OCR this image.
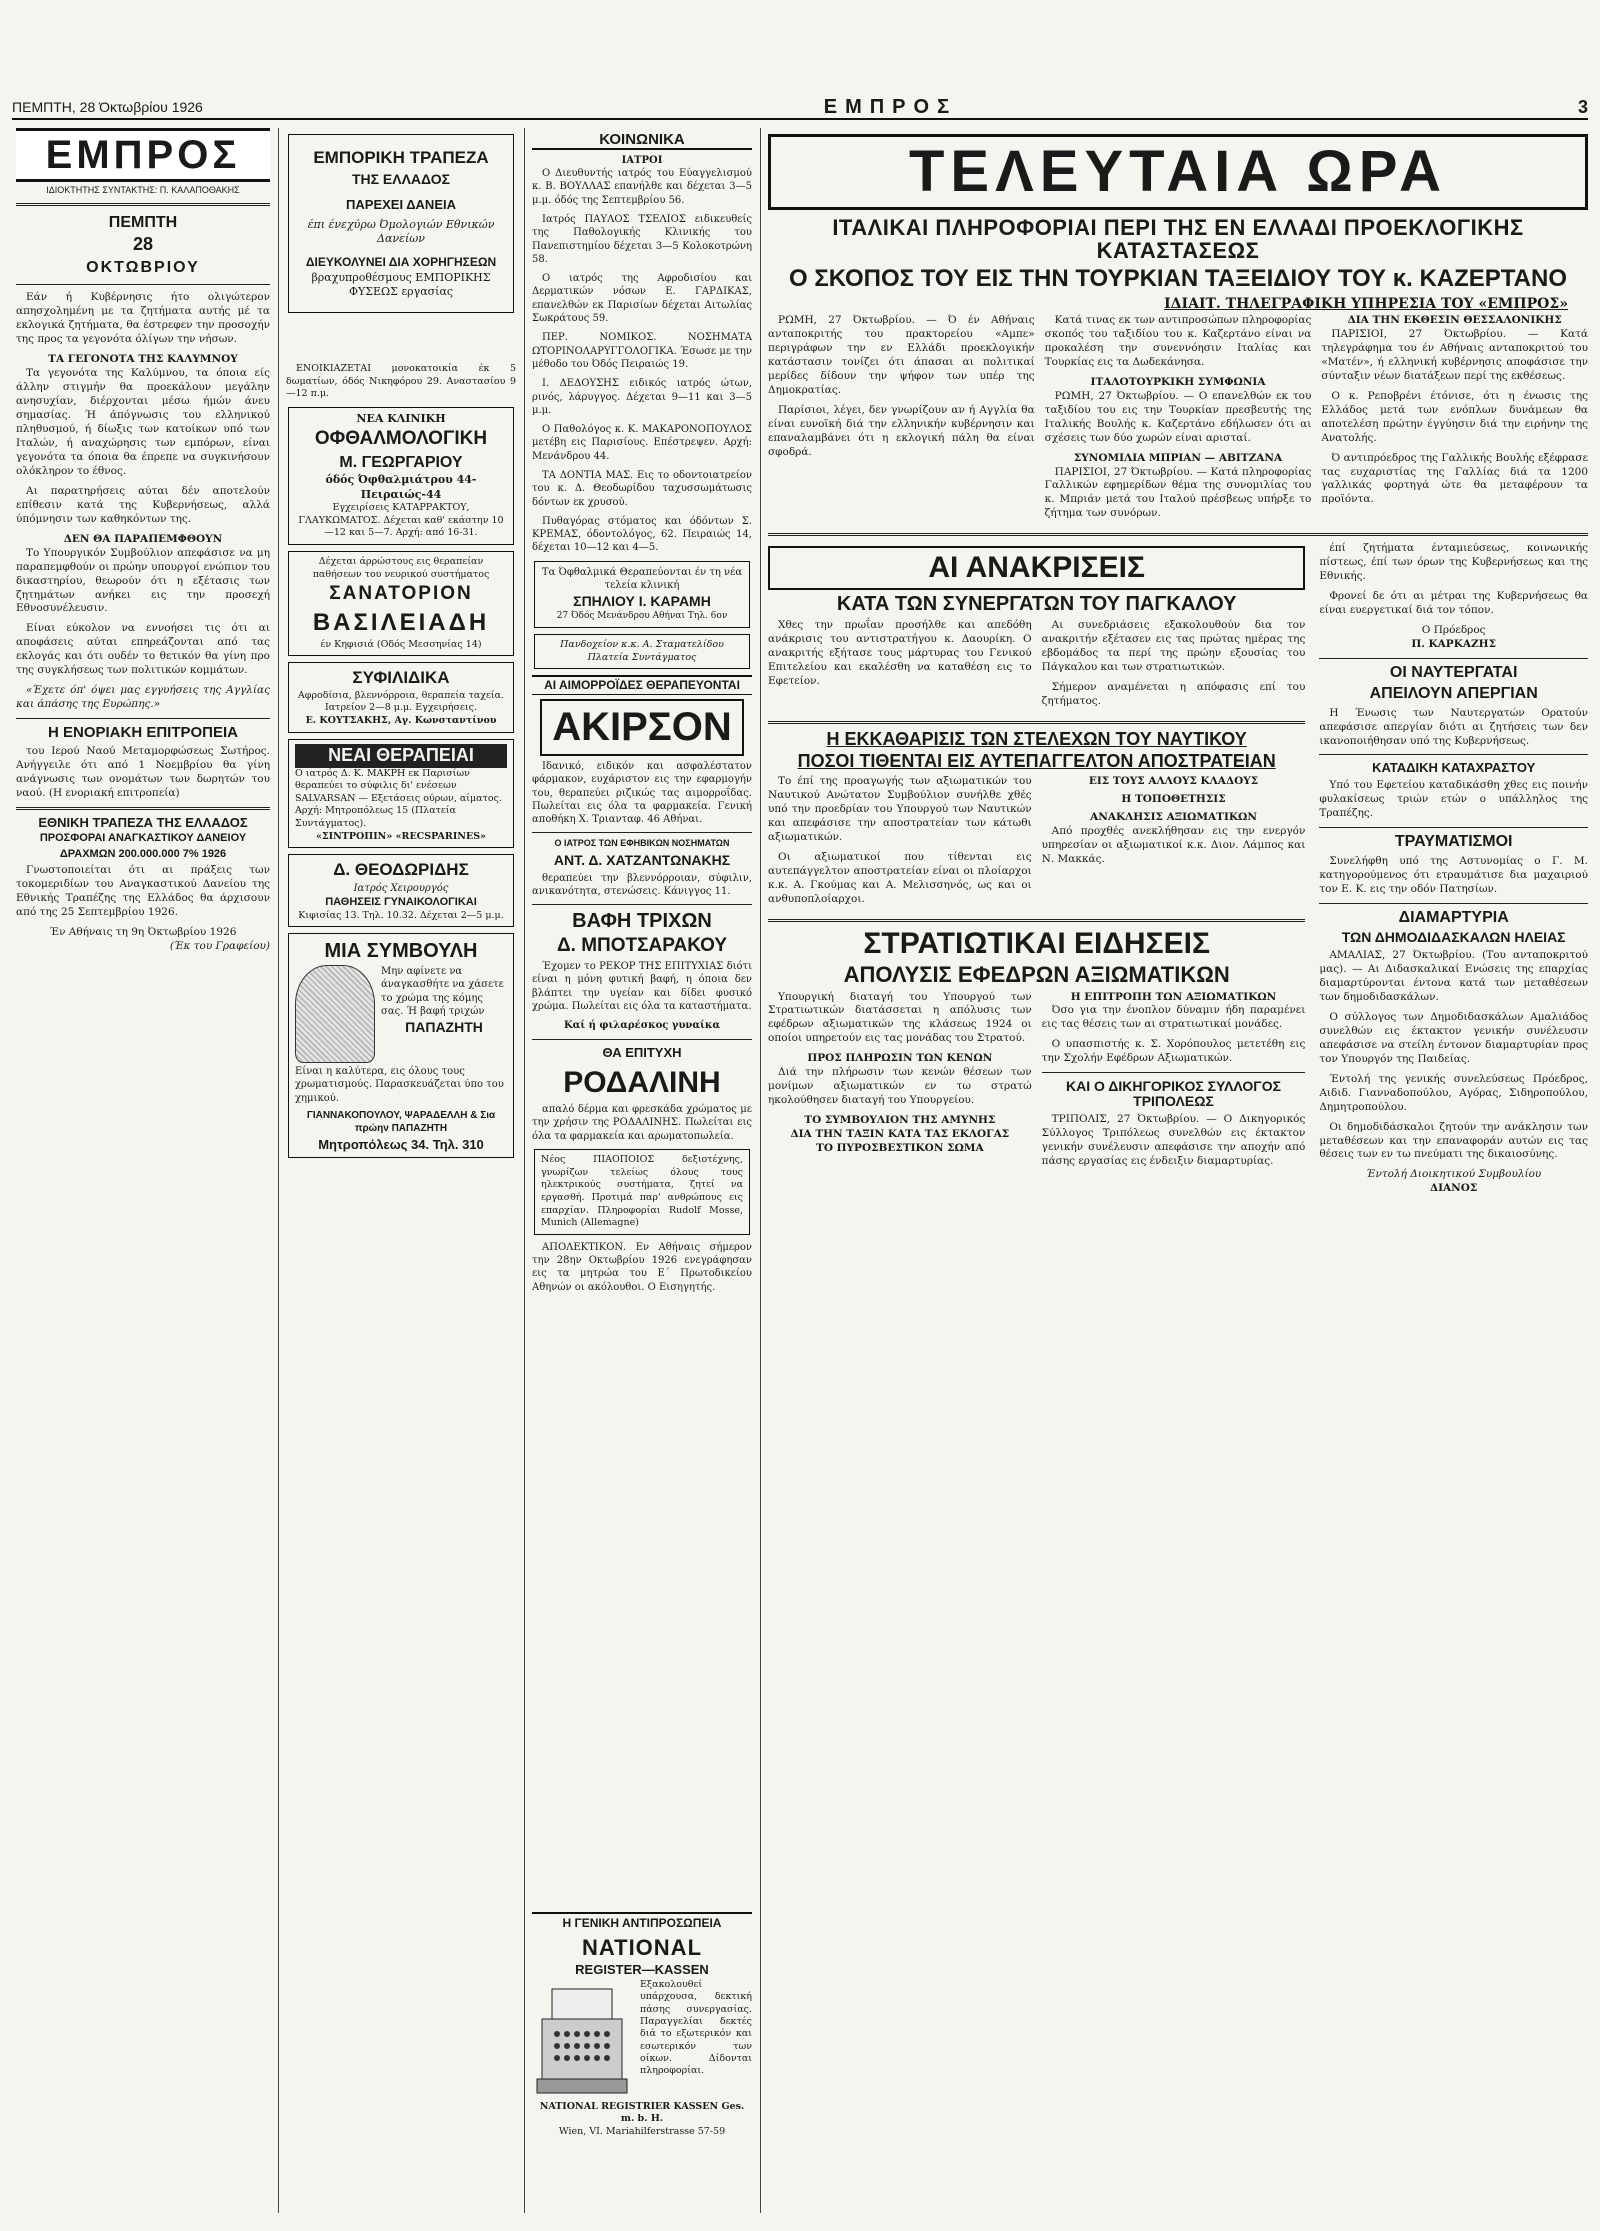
ΠΕΜΠΤΗ, 28 Όκτωβρίου 1926	ΕΜΠΡΟΣ	3
ΕΜΠΡΟΣ
ΙΔΙΟΚΤΗΤΗΣ ΣΥΝΤΑΚΤΗΣ: Π. ΚΑΛΑΠΟΘΑΚΗΣ
ΠΕΜΠΤΗ
28
ΟΚΤΩΒΡΙΟΥ

Εάν ή Κυβέρνησις ήτο ολιγώτερον απησχολημένη με τα ζητήματα αυτής μέ τα εκλογικά ζητήματα, θα έστρεφεν την προσοχήν της προς τα γεγονότα όλίγων την νήσων.

ΤΑ ΓΕΓΟΝΟΤΑ ΤΗΣ ΚΑΛΥΜΝΟΥ

Τα γεγονότα της Καλύμνου, τα όποια είς άλλην στιγμήν θα προεκάλουν μεγάλην ανησυχίαν, διέρχονται μέσω ήμών άνευ σημασίας. Ή άπόγνωσις του ελληνικού πληθυσμού, ή δίωξις των κατοίκων υπό των Ιταλών, ή αναχώρησις των εμπόρων, είναι γεγονότα τα όποια θα έπρεπε να συγκινήσουν ολόκληρον το έθνος.

Αι παρατηρήσεις αύται δέν αποτελούν επίθεσιν κατά της Κυβερνήσεως, αλλά ύπόμνησιν των καθηκόντων της.

ΔΕΝ ΘΑ ΠΑΡΑΠΕΜΦΘΟΥΝ

Το Υπουργικόν Συμβούλιον απεφάσισε να μη παραπεμφθούν οι πρώην υπουργοί ενώπιον του δικαστηρίου, θεωρούν ότι η εξέτασις των ζητημάτων ανήκει εις την προσεχή Εθνοσυνέλευσιν.

Είναι εύκολον να εννοήσει τις ότι αι αποφάσεις αύται επηρεάζονται από τας εκλογάς και ότι ουδέν το θετικόν θα γίνη προ της συγκλήσεως των πολιτικών κομμάτων.

«Έχετε όπ' όψει μας εγγυήσεις της Αγγλίας και άπάσης της Ευρώπης.»

Η ΕΝΟΡΙΑΚΗ ΕΠΙΤΡΟΠΕΙΑ

του Ιερού Ναού Μεταμορφώσεως Σωτήρος. Ανήγγειλε ότι από 1 Νοεμβρίου θα γίνη ανάγνωσις των ονομάτων των δωρητών του ναού. (Η ενοριακή επιτροπεία)

ΕΘΝΙΚΗ ΤΡΑΠΕΖΑ ΤΗΣ ΕΛΛΑΔΟΣ
ΠΡΟΣΦΟΡΑΙ ΑΝΑΓΚΑΣΤΙΚΟΥ ΔΑΝΕΙΟΥ
ΔΡΑΧΜΩΝ 200.000.000 7% 1926

Γνωστοποιείται ότι αι πράξεις των τοκομεριδίων του Αναγκαστικού Δανείου της Εθνικής Τραπέζης της Ελλάδος θα άρχισουν από της 25 Σεπτεμβρίου 1926.

Έν Αθήναις τη 9η Όκτωβρίου 1926
(Έκ του Γραφείου)
ΕΜΠΟΡΙΚΗ ΤΡΑΠΕΖΑ
ΤΗΣ ΕΛΛΑΔΟΣ
ΠΑΡΕΧΕΙ ΔΑΝΕΙΑ
έπι ένεχύρω Όμολογιών Εθνικών Δανείων
ΔΙΕΥΚΟΛΥΝΕΙ ΔΙΑ ΧΟΡΗΓΗΣΕΩΝ
βραχυπροθέσμους ΕΜΠΟΡΙΚΗΣ ΦΥΣΕΩΣ εργασίας

ΕΝΟΙΚΙΑΖΕΤΑΙ μονοκατοικία έκ 5 δωματίων, όδός Νικηφόρου 29. Αναστασίου 9—12 π.μ.

ΝΕΑ ΚΛΙΝΙΚΗ
ΟΦΘΑΛΜΟΛΟΓΙΚΗ
Μ. ΓΕΩΡΓΑΡΙΟΥ
όδός Όφθαλμιάτρου 44-Πειραιώς-44
Εγχειρίσεις ΚΑΤΑΡΡΑΚΤΟΥ, ΓΛΑΥΚΩΜΑΤΟΣ. Δέχεται καθ' εκάστην 10—12 και 5—7. Αρχή: από 16-31.
Δέχεται άρρώστους εις θεραπείαν παθήσεων του νευρικού συστήματος
ΣΑΝΑΤΟΡΙΟΝ
ΒΑΣΙΛΕΙΑΔΗ
έν Κηφισιά (Οδός Μεσσηνίας 14)
ΣΥΦΙΛΙΔΙΚΑ
Αφροδίσια, βλεννόρροια, θεραπεία ταχεία. Ιατρείον 2—8 μ.μ. Εγχειρήσεις.
Ε. ΚΟΥΤΣΑΚΗΣ, Αγ. Κωνσταντίνου
ΝΕΑΙ ΘΕΡΑΠΕΙΑΙ
Ο ιατρός Δ. Κ. ΜΑΚΡΗ εκ Παρισίων θεραπεύει το σύφιλις δι' ενέσεων SALVARSAN — Εξετάσεις ούρων, αίματος. Αρχή: Μητροπόλεως 15 (Πλατεία Συντάγματος).
«ΣΙΝΤΡΟΠΙΝ» «RECSPARINES»
Δ. ΘΕΟΔΩΡΙΔΗΣ
Ιατρός Χειρουργός
ΠΑΘΗΣΕΙΣ ΓΥΝΑΙΚΟΛΟΓΙΚΑΙ
Κιφισίας 13. Τηλ. 10.32. Δέχεται 2—5 μ.μ.
ΜΙΑ ΣΥΜΒΟΥΛΗ
Μην αφίνετε να άναγκασθήτε να χάσετε το χρώμα της κόμης σας. Ή βαφή τριχών
ΠΑΠΑΖΗΤΗ
Είναι η καλύτερα, εις όλους τους χρωματισμούς. Παρασκευάζεται ύπο του χημικού.
ΓΙΑΝΝΑΚΟΠΟΥΛΟΥ, ΨΑΡΑΔΕΛΛΗ & Σια πρώην ΠΑΠΑΖΗΤΗ
Μητροπόλεως 34. Τηλ. 310
ΚΟΙΝΩΝΙΚΑ
ΙΑΤΡΟΙ

Ο Διευθυντής ιατρός του Εύαγγελισμού κ. Β. ΒΟΥΛΛΑΣ επανήλθε και δέχεται 3—5 μ.μ. όδός της Σεπτεμβρίου 56.

Ιατρός ΠΑΥΛΟΣ ΤΣΕΛΙΟΣ ειδικευθείς της Παθολογικής Κλινικής του Πανεπιστημίου δέχεται 3—5 Κολοκοτρώνη 58.

Ο ιατρός της Αφροδισίου και Δερματικών νόσων Ε. ΓΑΡΔΙΚΑΣ, επανελθών εκ Παρισίων δέχεται Αιτωλίας Σωκράτους 59.

ΠΕΡ. ΝΟΜΙΚΟΣ. ΝΟΣΗΜΑΤΑ ΩΤΟΡΙΝΟΛΑΡΥΓΓΟΛΟΓΙΚΑ. Έσωσε με την μέθοδο του Όδός Πειραιώς 19.

Ι. ΔΕΔΟΥΣΗΣ ειδικός ιατρός ώτων, ρινός, λάρυγγος. Δέχεται 9—11 και 3—5 μ.μ.

Ο Παθολόγος κ. Κ. ΜΑΚΑΡΟΝΟΠΟΥΛΟΣ μετέβη εις Παρισίους. Επέστρεψεν. Αρχή: Μενάνδρου 44.

ΤΑ ΔΟΝΤΙΑ ΜΑΣ. Εις το οδοντοιατρείον του κ. Δ. Θεοδωρίδου ταχυσσωμάτωσις δόντων εκ χρυσού.

Πυθαγόρας στόματος και όδόντων Σ. ΚΡΕΜΑΣ, όδοντολόγος, 62. Πειραιώς 14, δέχεται 10—12 και 4—5.

Τα Όφθαλμικά Θεραπεύονται έν τη νέα τελεία κλινική
ΣΠΗΛΙΟΥ Ι. ΚΑΡΑΜΗ
27 Όδός Μενάνδρου Αθήναι Τηλ. 6ον
Πανδοχείον κ.κ. Α. Σταματελίδου Πλατεία Συντάγματος
ΑΙ ΑΙΜΟΡΡΟΪΔΕΣ ΘΕΡΑΠΕΥΟΝΤΑΙ
ΑΚΙΡΣΟΝ

Ιδανικό, ειδικόν και ασφαλέστατον φάρμακον, ευχάριστον εις την εφαρμογήν του, θεραπεύει ριζικώς τας αιμορροΐδας. Πωλείται εις όλα τα φαρμακεία. Γενική αποθήκη Χ. Τριανταφ. 46 Αθήναι.

Ο ΙΑΤΡΟΣ ΤΩΝ ΕΦΗΒΙΚΩΝ ΝΟΣΗΜΑΤΩΝ
ΑΝΤ. Δ. ΧΑΤΖΑΝΤΩΝΑΚΗΣ

θεραπεύει την βλεννόρροιαν, σύφιλιν, ανικανότητα, στενώσεις. Κάνιγγος 11.

ΒΑΦΗ ΤΡΙΧΩΝ
Δ. ΜΠΟΤΣΑΡΑΚΟΥ

Έχομεν το ΡΕΚΟΡ ΤΗΣ ΕΠΙΤΥΧΙΑΣ διότι είναι η μόνη φυτική βαφή, η όποια δεν βλάπτει την υγείαν και δίδει φυσικό χρώμα. Πωλείται εις όλα τα καταστήματα.

Καί ή φιλαρέσκος γυναίκα
ΘΑ ΕΠΙΤΥΧΗ
ΡΟΔΑΛΙΝΗ

απαλό δέρμα και φρεσκάδα χρώματος με την χρήσιν της ΡΟΔΑΛΙΝΗΣ. Πωλείται εις όλα τα φαρμακεία και αρωματοπωλεία.

Νέος ΠΙΑΟΠΟΙΟΣ δεξιοτέχνης, γνωρίζων τελείως όλους τους ηλεκτρικούς συστήματα, ζητεί να εργασθή. Προτιμά παρ' ανθρώπους εις επαρχίαν. Πληροφορίαι Rudolf Mosse, Munich (Allemagne)

ΑΠΟΛΕΚΤΙΚΟΝ. Εν Αθήναις σήμερον την 28ην Οκτωβρίου 1926 ενεγράφησαν εις τα μητρώα του Ε΄ Πρωτοδικείου Αθηνών οι ακόλουθοι. Ο Εισηγητής.

ΤΕΛΕΥΤΑΙΑ ΩΡΑ
ΙΤΑΛΙΚΑΙ ΠΛΗΡΟΦΟΡΙΑΙ ΠΕΡΙ ΤΗΣ ΕΝ ΕΛΛΑΔΙ ΠΡΟΕΚΛΟΓΙΚΗΣ ΚΑΤΑΣΤΑΣΕΩΣ
Ο ΣΚΟΠΟΣ ΤΟΥ ΕΙΣ ΤΗΝ ΤΟΥΡΚΙΑΝ ΤΑΞΕΙΔΙΟΥ ΤΟΥ κ. ΚΑΖΕΡΤΑΝΟ
ΙΔΙΑΙΤ. ΤΗΛΕΓΡΑΦΙΚΗ ΥΠΗΡΕΣΙΑ ΤΟΥ «ΕΜΠΡΟΣ»

ΡΩΜΗ, 27 Όκτωβρίου. — Ό έν Αθήναις ανταποκριτής του πρακτορείου «Αμπε» περιγράφων την εν Ελλάδι προεκλογικήν κατάστασιν τονίζει ότι άπασαι αι πολιτικαί μερίδες δίδουν την ψήφον των υπέρ της Δημοκρατίας.

Παρίσιοι, λέγει, δεν γνωρίζουν αν ή Αγγλία θα είναι ευνοϊκή διά την ελληνικήν κυβέρνησιν και επαναλαμβάνει ότι η εκλογική πάλη θα είναι σφοδρά.

Κατά τινας εκ των αντιπροσώπων πληροφορίας σκοπός του ταξιδίου του κ. Καζερτάνο είναι να προκαλέση την συνεννόησιν Ιταλίας και Τουρκίας εις τα Δωδεκάνησα.

ΙΤΑΛΟΤΟΥΡΚΙΚΗ ΣΥΜΦΩΝΙΑ

ΡΩΜΗ, 27 Όκτωβρίου. — Ο επανελθών εκ του ταξιδίου του εις την Τουρκίαν πρεσβευτής της Ιταλικής Βουλής κ. Καζερτάνο εδήλωσεν ότι αι σχέσεις των δύο χωρών είναι αρισταί.

ΣΥΝΟΜΙΛΙΑ ΜΠΡΙΑΝ — ΑΒΙΤΖΑΝΑ

ΠΑΡΙΣΙΟΙ, 27 Όκτωβρίου. — Κατά πληροφορίας Γαλλικών εφημερίδων θέμα της συνομιλίας του κ. Μπριάν μετά του Ιταλού πρέσβεως υπήρξε το ζήτημα των συνόρων.

ΔΙΑ ΤΗΝ ΕΚΘΕΣΙΝ ΘΕΣΣΑΛΟΝΙΚΗΣ

ΠΑΡΙΣΙΟΙ, 27 Όκτωβρίου. — Κατά τηλεγράφημα του έν Αθήναις ανταποκριτού του «Ματέν», ή ελληνική κυβέρνησις αποφάσισε την σύνταξιν νέων διατάξεων περί της εκθέσεως.

Ο κ. Ρεποβρένι έτόνισε, ότι η ένωσις της Ελλάδος μετά των ενόπλων δυνάμεων θα αποτελέση πρώτην έγγύησιν διά την ειρήνην της Ανατολής.

Ό αντιπρόεδρος της Γαλλικής Βουλής εξέφρασε τας ευχαριστίας της Γαλλίας διά τα 1200 γαλλικάς φορτηγά ώτε θα μεταφέρουν τα προϊόντα.

ΑΙ ΑΝΑΚΡΙΣΕΙΣ
ΚΑΤΑ ΤΩΝ ΣΥΝΕΡΓΑΤΩΝ ΤΟΥ ΠΑΓΚΑΛΟΥ

Χθες την πρωΐαν προσήλθε και απεδόθη ανάκρισις του αντιστρατήγου κ. Δαουρίκη. Ο ανακριτής εξήτασε τους μάρτυρας του Γενικού Επιτελείου και εκαλέσθη να καταθέση εις το Εφετείον.

Αι συνεδριάσεις εξακολουθούν δια τον ανακριτήν εξέτασεν εις τας πρώτας ημέρας της εβδομάδος τα περί της πρώην εξουσίας του Πάγκαλου και των στρατιωτικών.

Σήμερον αναμένεται η απόφασις επί του ζητήματος.

Η ΕΚΚΑΘΑΡΙΣΙΣ ΤΩΝ ΣΤΕΛΕΧΩΝ ΤΟΥ ΝΑΥΤΙΚΟΥ
ΠΟΣΟΙ ΤΙΘΕΝΤΑΙ ΕΙΣ ΑΥΤΕΠΑΓΓΕΛΤΟΝ ΑΠΟΣΤΡΑΤΕΙΑΝ

Το έπί της προαγωγής των αξιωματικών του Ναυτικού Ανώτατον Συμβούλιον συνήλθε χθές υπό την προεδρίαν του Υπουργού των Ναυτικών και απεφάσισε την αποστρατείαν των κάτωθι αξιωματικών.

Οι αξιωματικοί που τίθενται εις αυτεπάγγελτον αποστρατείαν είναι οι πλοίαρχοι κ.κ. Α. Γκούμας και Α. Μελισσηνός, ως και οι ανθυποπλοίαρχοι.

ΕΙΣ ΤΟΥΣ ΑΛΛΟΥΣ ΚΛΑΔΟΥΣ
Η ΤΟΠΟΘΕΤΗΣΙΣ
ΑΝΑΚΛΗΣΙΣ ΑΞΙΩΜΑΤΙΚΩΝ

Από προχθές ανεκλήθησαν εις την ενεργόν υπηρεσίαν οι αξιωματικοί κ.κ. Διον. Λάμπος και Ν. Μακκάς.

ΣΤΡΑΤΙΩΤΙΚΑΙ ΕΙΔΗΣΕΙΣ
ΑΠΟΛΥΣΙΣ ΕΦΕΔΡΩΝ ΑΞΙΩΜΑΤΙΚΩΝ

Υπουργική διαταγή του Υπουργού των Στρατιωτικών διατάσσεται η απόλυσις των εφέδρων αξιωματικών της κλάσεως 1924 οι οποίοι υπηρετούν εις τας μονάδας του Στρατού.

ΠΡΟΣ ΠΛΗΡΩΣΙΝ ΤΩΝ ΚΕΝΩΝ

Διά την πλήρωσιν των κενών θέσεων των μονίμων αξιωματικών εν τω στρατώ ηκολούθησεν διαταγή του Υπουργείου.

ΤΟ ΣΥΜΒΟΥΛΙΟΝ ΤΗΣ ΑΜΥΝΗΣ
ΔΙΑ ΤΗΝ ΤΑΞΙΝ ΚΑΤΑ ΤΑΣ ΕΚΛΟΓΑΣ
ΤΟ ΠΥΡΟΣΒΕΣΤΙΚΟΝ ΣΩΜΑ
Η ΕΠΙΤΡΟΠΗ ΤΩΝ ΑΞΙΩΜΑΤΙΚΩΝ

Όσο για την ένοπλον δύναμιν ήδη παραμένει εις τας θέσεις των αι στρατιωτικαί μονάδες.

Ο υπασπιστής κ. Σ. Χορόπουλος μετετέθη εις την Σχολήν Εφέδρων Αξιωματικών.

ΚΑΙ Ο ΔΙΚΗΓΟΡΙΚΟΣ ΣΥΛΛΟΓΟΣ ΤΡΙΠΟΛΕΩΣ

ΤΡΙΠΟΛΙΣ, 27 Όκτωβρίου. — Ο Δικηγορικός Σύλλογος Τριπόλεως συνελθών εις έκτακτον γενικήν συνέλευσιν απεφάσισε την αποχήν από πάσης εργασίας εις ένδειξιν διαμαρτυρίας.

έπί ζητήματα ένταμιεύσεως, κοινωνικής πίστεως, έπί των όρων της Κυβερνήσεως και της Εθνικής.

Φρονεί δε ότι αι μέτραι της Κυβερνήσεως θα είναι ευεργετικαί διά τον τόπον.

Ο Πρόεδρος
Π. ΚΑΡΚΑΖΗΣ
ΟΙ ΝΑΥΤΕΡΓΑΤΑΙ
ΑΠΕΙΛΟΥΝ ΑΠΕΡΓΙΑΝ

Η Ένωσις των Ναυτεργατών Ορατούν απεφάσισε απεργίαν διότι αι ζητήσεις των δεν ικανοποιήθησαν υπό της Κυβερνήσεως.

ΚΑΤΑΔΙΚΗ ΚΑΤΑΧΡΑΣΤΟΥ

Υπό του Εφετείου καταδικάσθη χθες εις ποινήν φυλακίσεως τριών ετών ο υπάλληλος της Τραπέζης.

ΤΡΑΥΜΑΤΙΣΜΟΙ

Συνελήφθη υπό της Αστυνομίας ο Γ. Μ. κατηγορούμενος ότι ετραυμάτισε δια μαχαιριού τον Ε. Κ. εις την οδόν Πατησίων.

ΔΙΑΜΑΡΤΥΡΙΑ
ΤΩΝ ΔΗΜΟΔΙΔΑΣΚΑΛΩΝ ΗΛΕΙΑΣ

ΑΜΑΛΙΑΣ, 27 Όκτωβρίου. (Του ανταποκριτού μας). — Αι Διδασκαλικαί Ενώσεις της επαρχίας διαμαρτύρονται έντονα κατά των μεταθέσεων των δημοδιδασκάλων.

Ο σύλλογος των Δημοδιδασκάλων Αμαλιάδος συνελθών εις έκτακτον γενικήν συνέλευσιν απεφάσισε να στείλη έντονον διαμαρτυρίαν προς τον Υπουργόν της Παιδείας.

Έντολή της γενικής συνελεύσεως Πρόεδρος, Αιδιδ. Γιανναδοπούλου, Αγόρας, Σιδηροπούλου, Δημητροπούλου.

Οι δημοδιδάσκαλοι ζητούν την ανάκλησιν των μεταθέσεων και την επαναφοράν αυτών εις τας θέσεις των εν τω πνεύματι της δικαιοσύνης.

Έντολή Διοικητικού Συμβουλίου
ΔΙΑΝΟΣ
Η ΓΕΝΙΚΗ ΑΝΤΙΠΡΟΣΩΠΕΙΑ
NATIONAL
REGISTER—KASSEN
Εξακολουθεί υπάρχουσα, δεκτική πάσης συνεργασίας. Παραγγελίαι δεκτές διά το εξωτερικόν και εσωτερικόν των οίκων. Δίδονται πληροφορίαι.
NATIONAL REGISTRIER KASSEN Ges. m. b. H.
Wien, VI. Mariahilferstrasse 57-59
